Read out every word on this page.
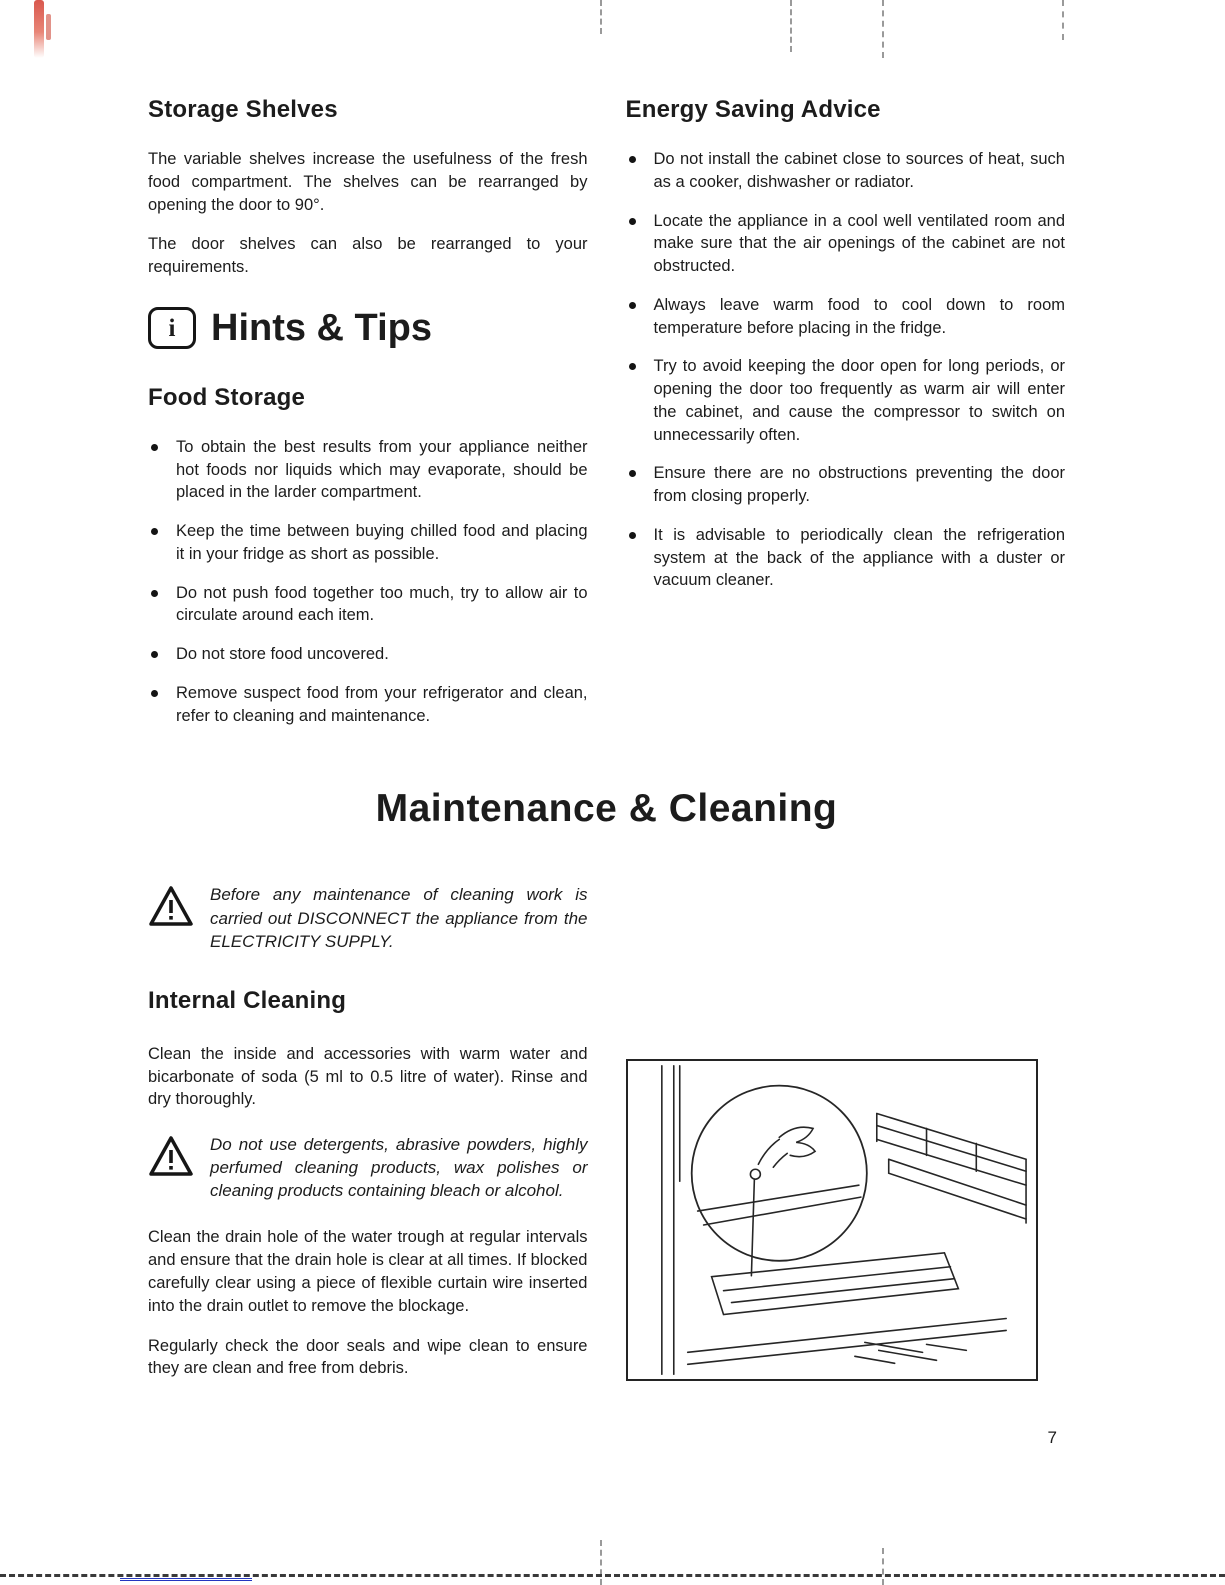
Storage Shelves

The variable shelves increase the usefulness of the fresh food compartment. The shelves can be rearranged by opening the door to 90°.

The door shelves can also be rearranged to your requirements.

i Hints & Tips
Food Storage
To obtain the best results from your appliance neither hot foods nor liquids which may evaporate, should be placed in the larder compartment.
Keep the time between buying chilled food and placing it in your fridge as short as possible.
Do not push food together too much, try to allow air to circulate around each item.
Do not store food uncovered.
Remove suspect food from your refrigerator and clean, refer to cleaning and maintenance.
Energy Saving Advice
Do not install the cabinet close to sources of heat, such as a cooker, dishwasher or radiator.
Locate the appliance in a cool well ventilated room and make sure that the air openings of the cabinet are not obstructed.
Always leave warm food to cool down to room temperature before placing in the fridge.
Try to avoid keeping the door open for long periods, or opening the door too frequently as warm air will enter the cabinet, and cause the compressor to switch on unnecessarily often.
Ensure there are no obstructions preventing the door from closing properly.
It is advisable to periodically clean the refrigeration system at the back of the appliance with a duster or vacuum cleaner.
Maintenance & Cleaning

Before any maintenance of cleaning work is carried out DISCONNECT the appliance from the ELECTRICITY SUPPLY.

Internal Cleaning

Clean the inside and accessories with warm water and bicarbonate of soda (5 ml to 0.5 litre of water). Rinse and dry thoroughly.

Do not use detergents, abrasive powders, highly perfumed cleaning products, wax polishes or cleaning products containing bleach or alcohol.

Clean the drain hole of the water trough at regular intervals and ensure that the drain hole is clear at all times. If blocked carefully clear using a piece of flexible curtain wire inserted into the drain outlet to remove the blockage.

Regularly check the door seals and wipe clean to ensure they are clean and free from debris.

7
